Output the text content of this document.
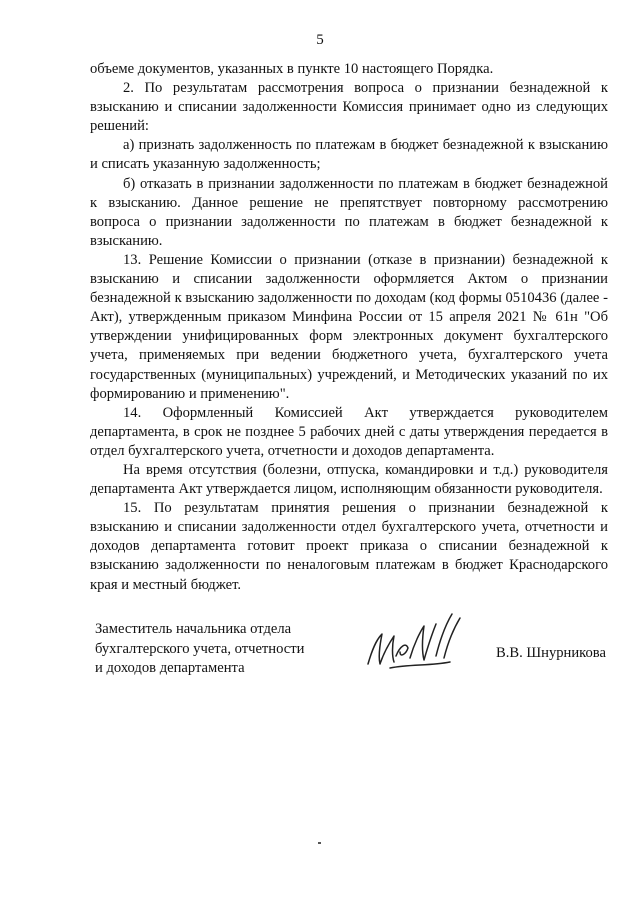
5

объеме документов, указанных в пункте 10 настоящего Порядка.

2. По результатам рассмотрения вопроса о признании безнадежной к взысканию и списании задолженности Комиссия принимает одно из следующих решений:

а) признать задолженность по платежам в бюджет безнадежной к взысканию и списать указанную задолженность;

б) отказать в признании задолженности по платежам в бюджет безнадежной к взысканию. Данное решение не препятствует повторному рассмотрению вопроса о признании задолженности по платежам в бюджет безнадежной к взысканию.

13. Решение Комиссии о признании (отказе в признании) безнадежной к взысканию и списании задолженности оформляется Актом о признании безнадежной к взысканию задолженности по доходам (код формы 0510436 (далее - Акт), утвержденным приказом Минфина России от 15 апреля 2021 № 61н "Об утверждении унифицированных форм электронных документ бухгалтерского учета, применяемых при ведении бюджетного учета, бухгалтерского учета государственных (муниципальных) учреждений, и Методических указаний по их формированию и применению".

14. Оформленный Комиссией Акт утверждается руководителем департамента, в срок не позднее 5 рабочих дней с даты утверждения передается в отдел бухгалтерского учета, отчетности и доходов департамента.

На время отсутствия (болезни, отпуска, командировки и т.д.) руководителя департамента Акт утверждается лицом, исполняющим обязанности руководителя.

15. По результатам принятия решения о признании безнадежной к взысканию и списании задолженности отдел бухгалтерского учета, отчетности и доходов департамента готовит проект приказа о списании безнадежной к взысканию задолженности по неналоговым платежам в бюджет Краснодарского края и местный бюджет.

Заместитель начальника отдела
бухгалтерского учета, отчетности
и доходов департамента
В.В. Шнурникова
